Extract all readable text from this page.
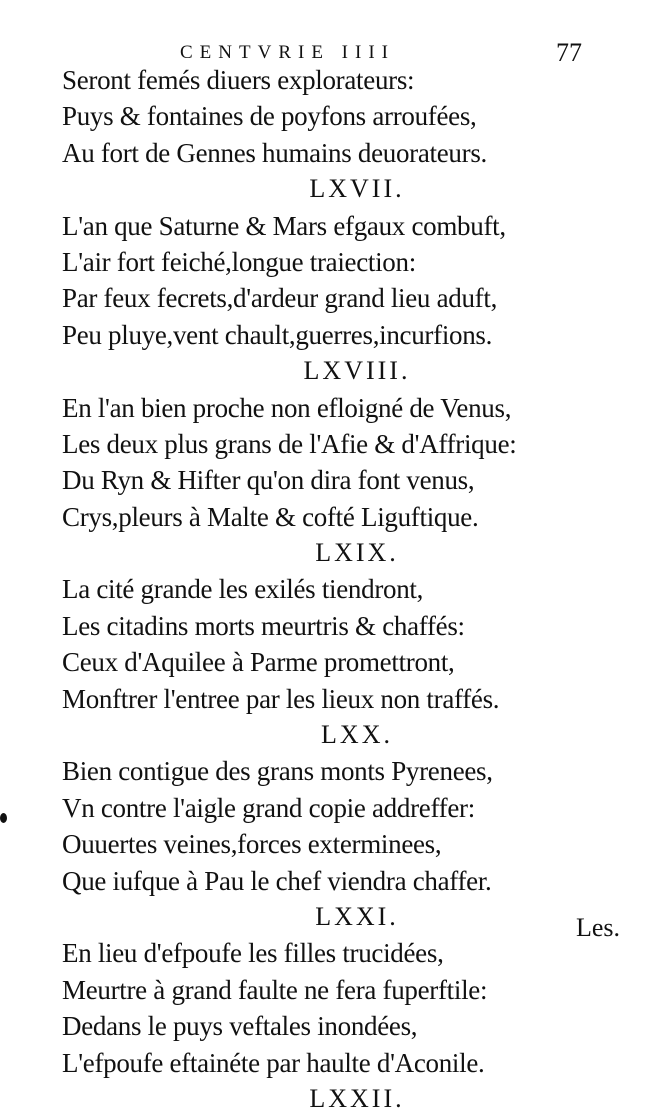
CENTVRIE IIII	77
Seront femés diuers explorateurs:
Puys & fontaines de poyfons arroufées,
Au fort de Gennes humains deuorateurs.
LXVII.
L'an que Saturne & Mars efgaux combuft,
L'air fort feiché,longue traiection:
Par feux fecrets,d'ardeur grand lieu aduft,
Peu pluye,vent chault,guerres,incurfions.
LXVIII.
En l'an bien proche non efloigné de Venus,
Les deux plus grans de l'Afie & d'Affrique:
Du Ryn & Hifter qu'on dira font venus,
Crys,pleurs à Malte & cofté Liguftique.
LXIX.
La cité grande les exilés tiendront,
Les citadins morts meurtris & chaffés:
Ceux d'Aquilee à Parme promettront,
Monftrer l'entree par les lieux non traffés.
LXX.
Bien contigue des grans monts Pyrenees,
Vn contre l'aigle grand copie addreffer:
Ouuertes veines,forces exterminees,
Que iufque à Pau le chef viendra chaffer.
LXXI.
En lieu d'efpoufe les filles trucidées,
Meurtre à grand faulte ne fera fuperftile:
Dedans le puys veftales inondées,
L'efpoufe eftainéte par haulte d'Aconile.
LXXII.
Les.
